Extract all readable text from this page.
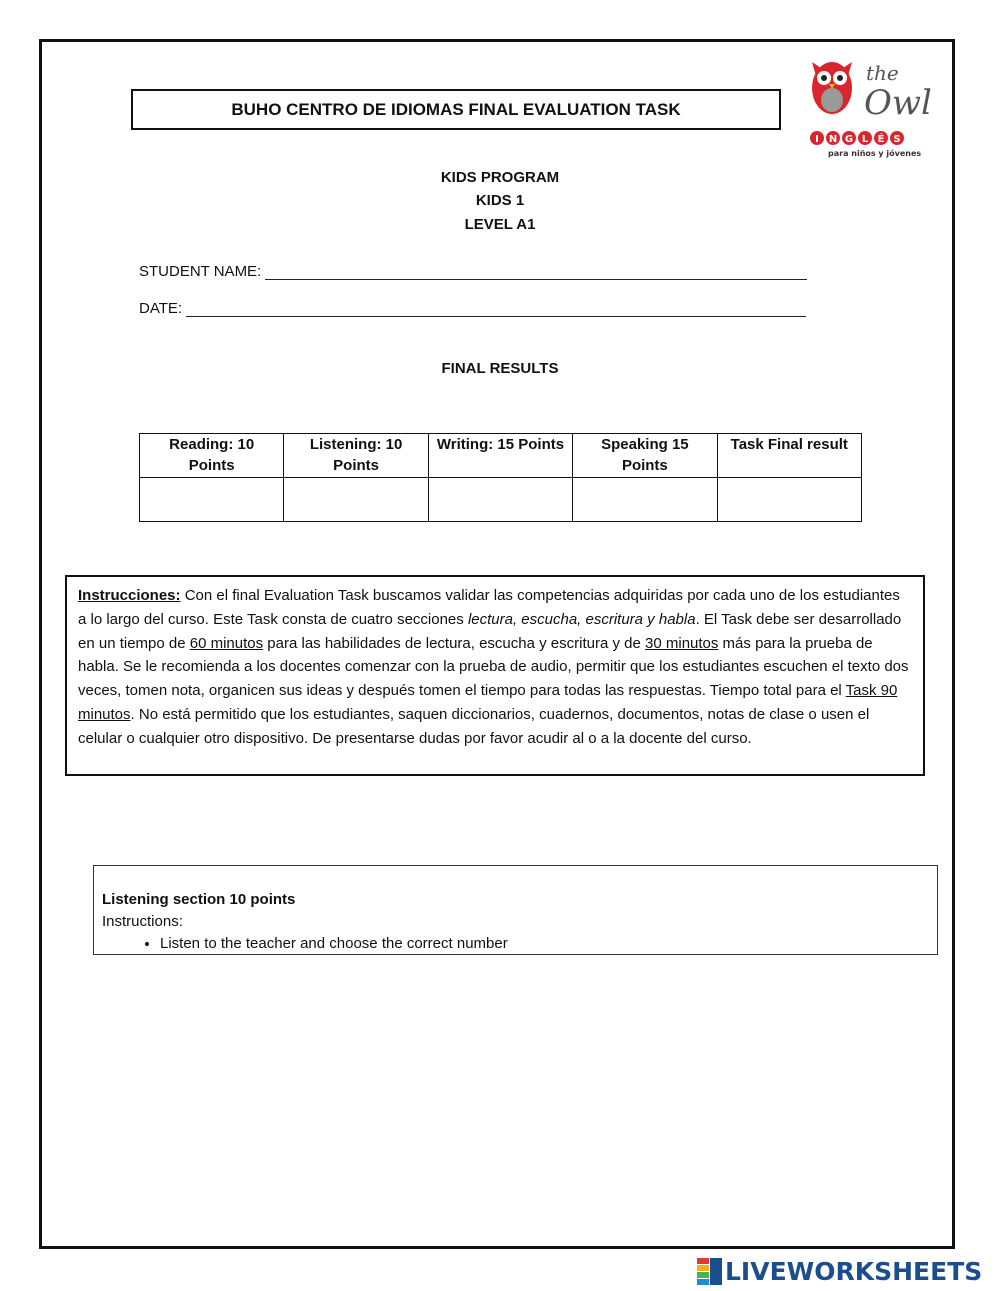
BUHO CENTRO DE IDIOMAS FINAL EVALUATION TASK
the
Owl
I N G L É S
para niños y jóvenes
KIDS PROGRAM
KIDS 1
LEVEL A1
STUDENT NAME:
DATE:
FINAL RESULTS
Reading: 10 Points	Listening: 10 Points	Writing: 15 Points	Speaking 15 Points	Task Final result

Instrucciones: Con el final Evaluation Task buscamos validar las competencias adquiridas por cada uno de los estudiantes a lo largo del curso. Este Task consta de cuatro secciones lectura, escucha, escritura y habla. El Task debe ser desarrollado en un tiempo de 60 minutos para las habilidades de lectura, escucha y escritura y de 30 minutos más para la prueba de habla. Se le recomienda a los docentes comenzar con la prueba de audio, permitir que los estudiantes escuchen el texto dos veces, tomen nota, organicen sus ideas y después tomen el tiempo para todas las respuestas. Tiempo total para el Task 90 minutos. No está permitido que los estudiantes, saquen diccionarios, cuadernos, documentos, notas de clase o usen el celular o cualquier otro dispositivo. De presentarse dudas por favor acudir al o a la docente del curso.
Listening section 10 points
Instructions:
• Listen to the teacher and choose the correct number
LIVEWORKSHEETS
